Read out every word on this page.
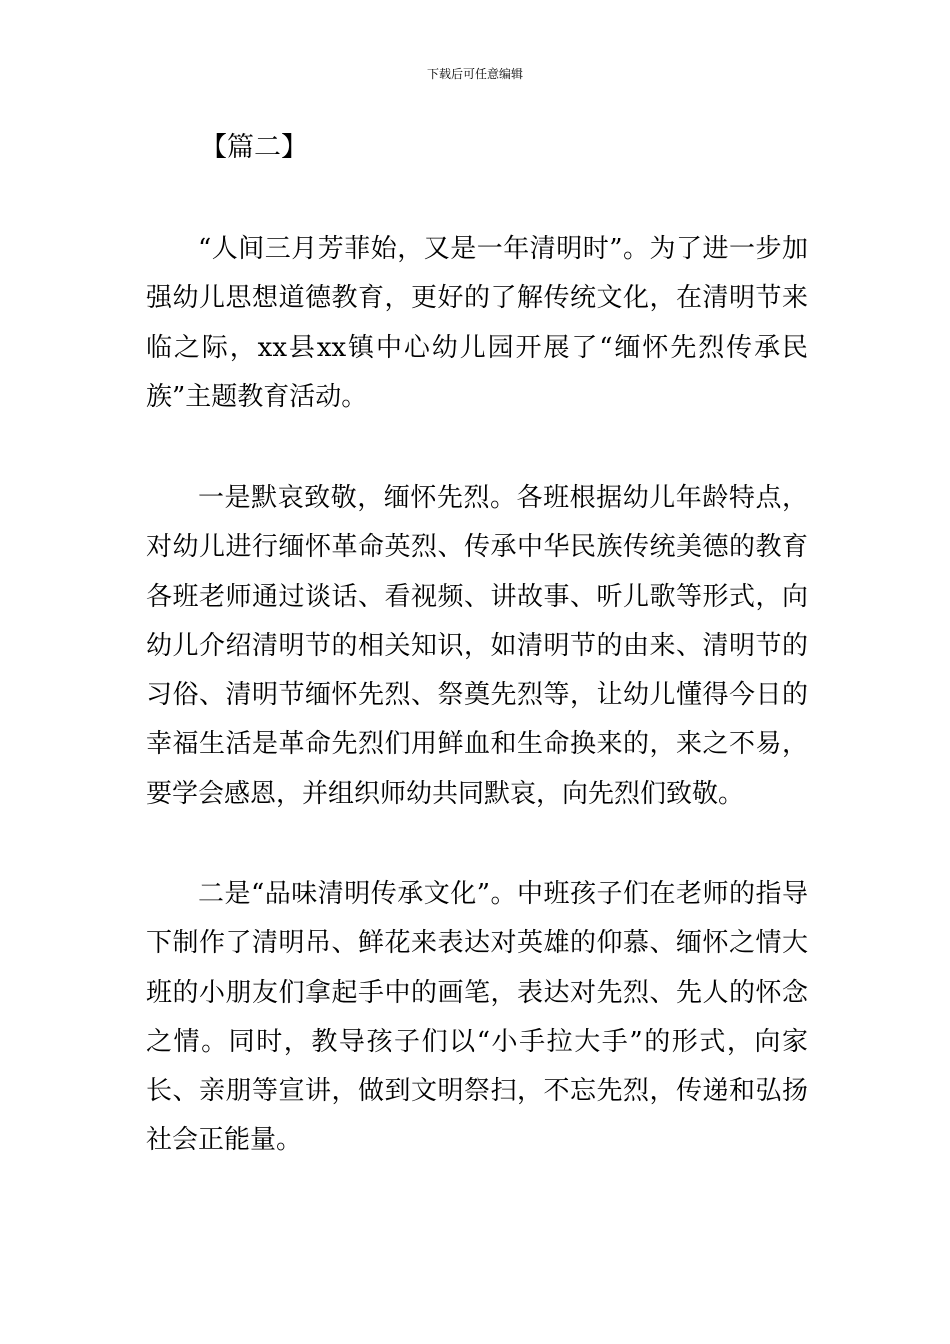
下载后可任意编辑
【篇二】

“人间三月芳菲始，又是一年清明时”。为了进一步加强幼儿思想道德教育，更好的了解传统文化，在清明节来临之际，xx县xx镇中心幼儿园开展了“缅怀先烈传承民族”主题教育活动。

一是默哀致敬，缅怀先烈。各班根据幼儿年龄特点，对幼儿进行缅怀革命英烈、传承中华民族传统美德的教育各班老师通过谈话、看视频、讲故事、听儿歌等形式，向幼儿介绍清明节的相关知识，如清明节的由来、清明节的习俗、清明节缅怀先烈、祭奠先烈等，让幼儿懂得今日的幸福生活是革命先烈们用鲜血和生命换来的，来之不易，要学会感恩，并组织师幼共同默哀，向先烈们致敬。

二是“品味清明传承文化”。中班孩子们在老师的指导下制作了清明吊、鲜花来表达对英雄的仰慕、缅怀之情大班的小朋友们拿起手中的画笔，表达对先烈、先人的怀念之情。同时，教导孩子们以“小手拉大手”的形式，向家长、亲朋等宣讲，做到文明祭扫，不忘先烈，传递和弘扬社会正能量。
